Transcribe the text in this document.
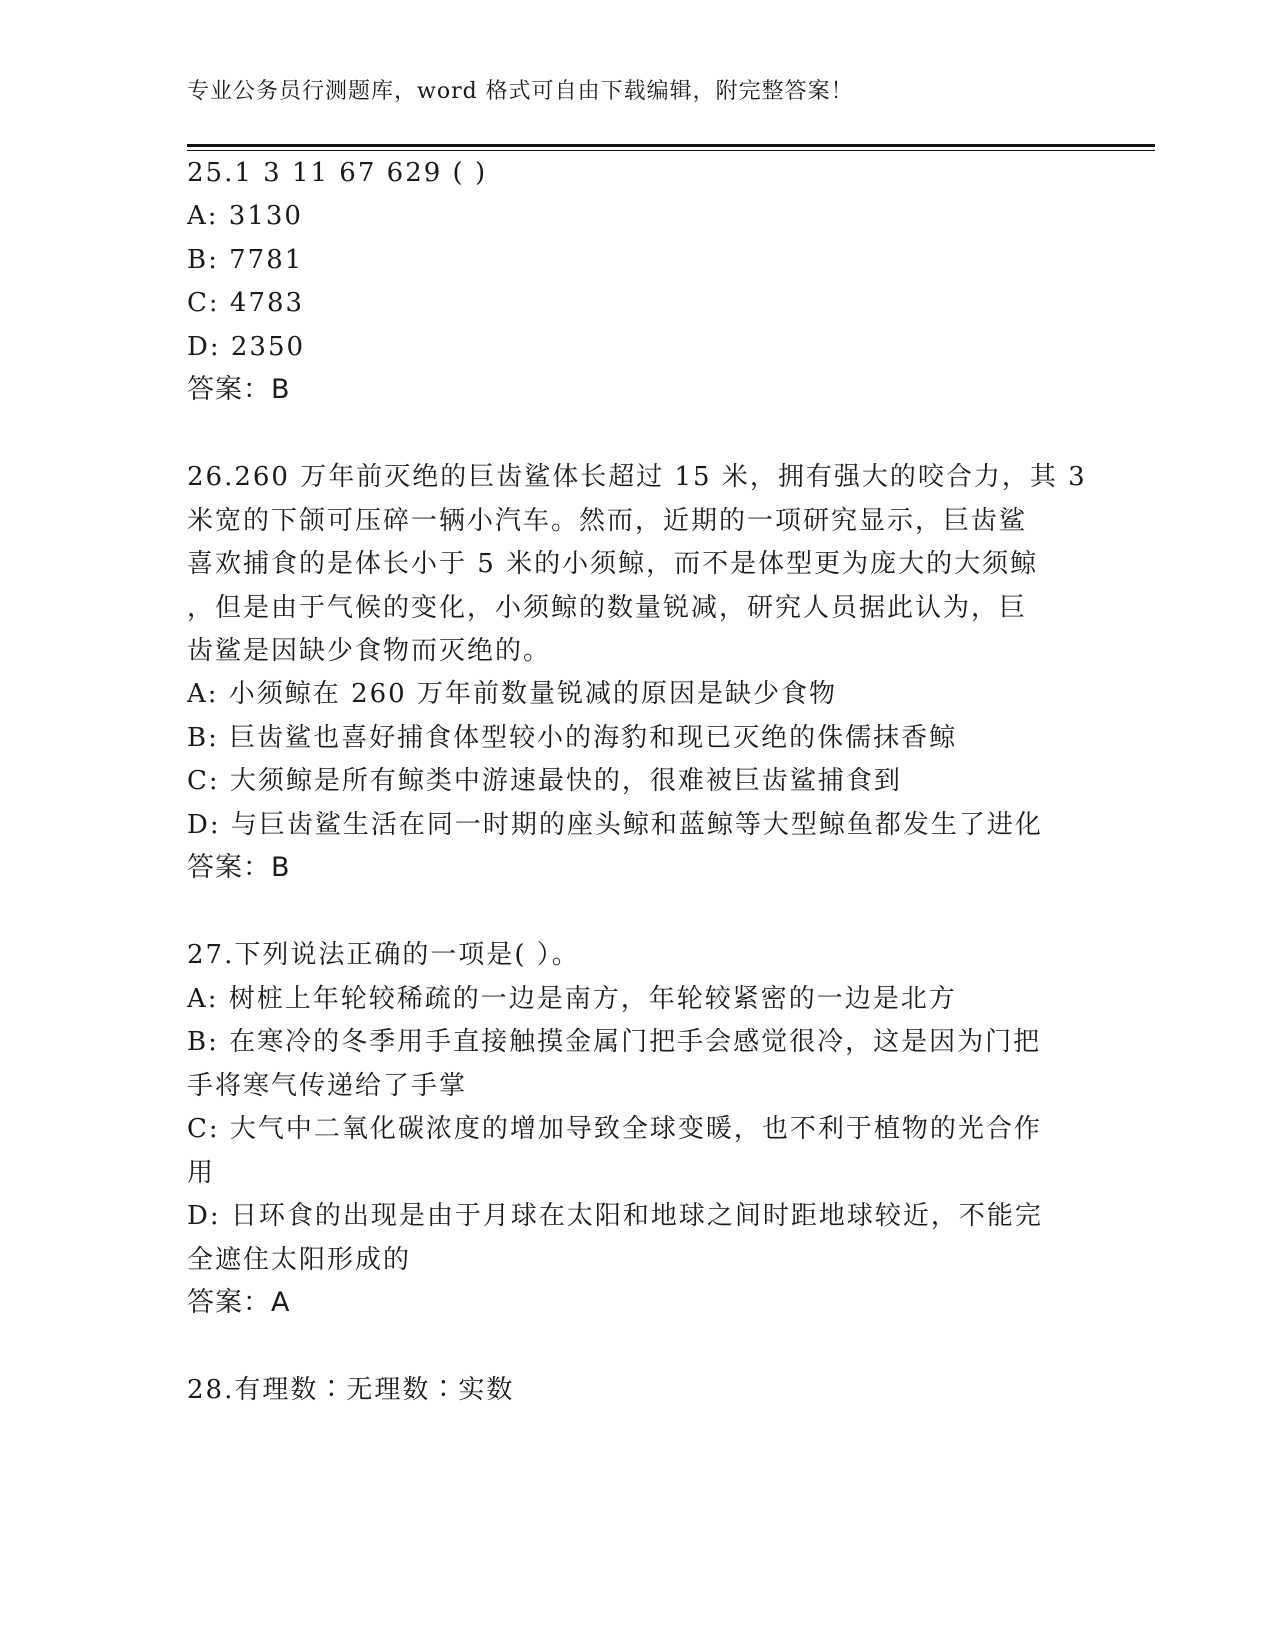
专业公务员行测题库，word 格式可自由下载编辑，附完整答案！
25.1 3 11 67 629 ( )
A: 3130
B: 7781
C: 4783
D: 2350
答案：B
26.260 万年前灭绝的巨齿鲨体长超过 15 米，拥有强大的咬合力，其 3
米宽的下颌可压碎一辆小汽车。然而，近期的一项研究显示，巨齿鲨
喜欢捕食的是体长小于 5 米的小须鲸，而不是体型更为庞大的大须鲸
，但是由于气候的变化，小须鲸的数量锐减，研究人员据此认为，巨
齿鲨是因缺少食物而灭绝的。
A: 小须鲸在 260 万年前数量锐减的原因是缺少食物
B: 巨齿鲨也喜好捕食体型较小的海豹和现已灭绝的侏儒抹香鲸
C: 大须鲸是所有鲸类中游速最快的，很难被巨齿鲨捕食到
D: 与巨齿鲨生活在同一时期的座头鲸和蓝鲸等大型鲸鱼都发生了进化
答案：B
27.下列说法正确的一项是( ）。
A: 树桩上年轮较稀疏的一边是南方，年轮较紧密的一边是北方
B: 在寒冷的冬季用手直接触摸金属门把手会感觉很冷，这是因为门把
手将寒气传递给了手掌
C: 大气中二氧化碳浓度的增加导致全球变暖，也不利于植物的光合作
用
D: 日环食的出现是由于月球在太阳和地球之间时距地球较近，不能完
全遮住太阳形成的
答案：A
28.有理数∶无理数∶实数
